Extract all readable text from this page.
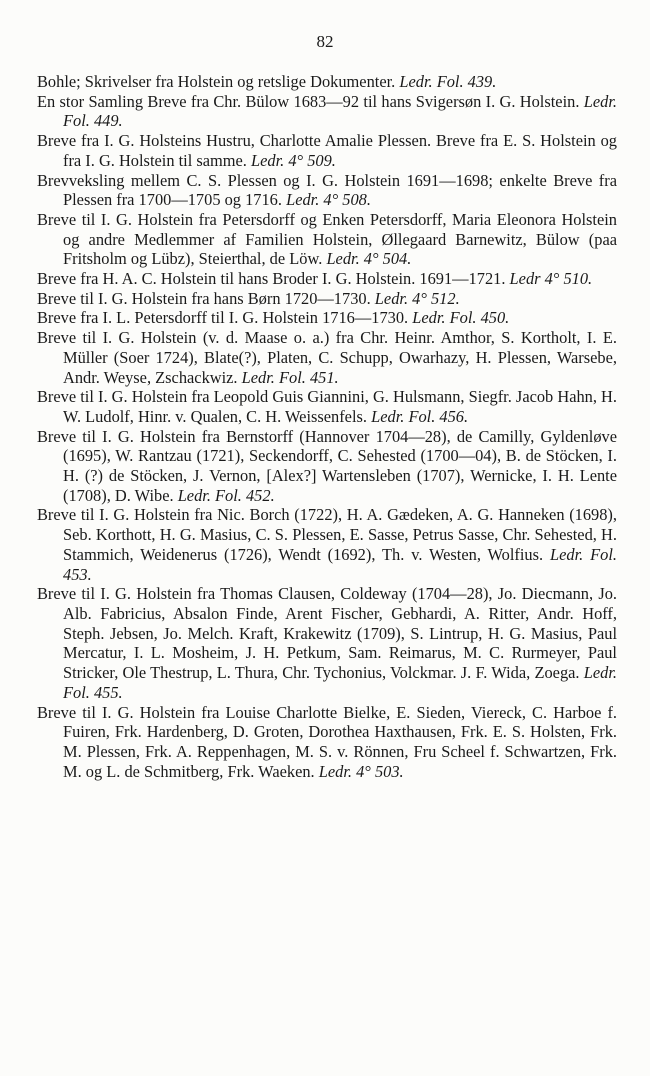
82

Bohle; Skrivelser fra Holstein og retslige Dokumenter. Ledr. Fol. 439.

En stor Samling Breve fra Chr. Bülow 1683—92 til hans Svigersøn I. G. Holstein. Ledr. Fol. 449.

Breve fra I. G. Holsteins Hustru, Charlotte Amalie Plessen. Breve fra E. S. Holstein og fra I. G. Holstein til samme. Ledr. 4° 509.

Brevveksling mellem C. S. Plessen og I. G. Holstein 1691—1698; enkelte Breve fra Plessen fra 1700—1705 og 1716. Ledr. 4° 508.

Breve til I. G. Holstein fra Petersdorff og Enken Petersdorff, Maria Eleonora Holstein og andre Medlemmer af Familien Holstein, Øllegaard Barnewitz, Bülow (paa Fritsholm og Lübz), Steierthal, de Löw. Ledr. 4° 504.

Breve fra H. A. C. Holstein til hans Broder I. G. Holstein. 1691—1721. Ledr 4° 510.

Breve til I. G. Holstein fra hans Børn 1720—1730. Ledr. 4° 512.

Breve fra I. L. Petersdorff til I. G. Holstein 1716—1730. Ledr. Fol. 450.

Breve til I. G. Holstein (v. d. Maase o. a.) fra Chr. Heinr. Amthor, S. Kortholt, I. E. Müller (Soer 1724), Blate(?), Platen, C. Schupp, Owarhazy, H. Plessen, Warsebe, Andr. Weyse, Zschackwiz. Ledr. Fol. 451.

Breve til I. G. Holstein fra Leopold Guis Giannini, G. Hulsmann, Siegfr. Jacob Hahn, H. W. Ludolf, Hinr. v. Qualen, C. H. Weissenfels. Ledr. Fol. 456.

Breve til I. G. Holstein fra Bernstorff (Hannover 1704—28), de Camilly, Gyldenløve (1695), W. Rantzau (1721), Seckendorff, C. Sehested (1700—04), B. de Stöcken, I. H. (?) de Stöcken, J. Vernon, [Alex?] Wartensleben (1707), Wernicke, I. H. Lente (1708), D. Wibe. Ledr. Fol. 452.

Breve til I. G. Holstein fra Nic. Borch (1722), H. A. Gædeken, A. G. Hanneken (1698), Seb. Korthott, H. G. Masius, C. S. Plessen, E. Sasse, Petrus Sasse, Chr. Sehested, H. Stammich, Weidenerus (1726), Wendt (1692), Th. v. Westen, Wolfius. Ledr. Fol. 453.

Breve til I. G. Holstein fra Thomas Clausen, Coldeway (1704—28), Jo. Diecmann, Jo. Alb. Fabricius, Absalon Finde, Arent Fischer, Gebhardi, A. Ritter, Andr. Hoff, Steph. Jebsen, Jo. Melch. Kraft, Krakewitz (1709), S. Lintrup, H. G. Masius, Paul Mercatur, I. L. Mosheim, J. H. Petkum, Sam. Reimarus, M. C. Rurmeyer, Paul Stricker, Ole Thestrup, L. Thura, Chr. Tychonius, Volckmar. J. F. Wida, Zoega. Ledr. Fol. 455.

Breve til I. G. Holstein fra Louise Charlotte Bielke, E. Sieden, Viereck, C. Harboe f. Fuiren, Frk. Hardenberg, D. Groten, Dorothea Haxthausen, Frk. E. S. Holsten, Frk. M. Plessen, Frk. A. Reppenhagen, M. S. v. Rönnen, Fru Scheel f. Schwartzen, Frk. M. og L. de Schmitberg, Frk. Waeken. Ledr. 4° 503.
